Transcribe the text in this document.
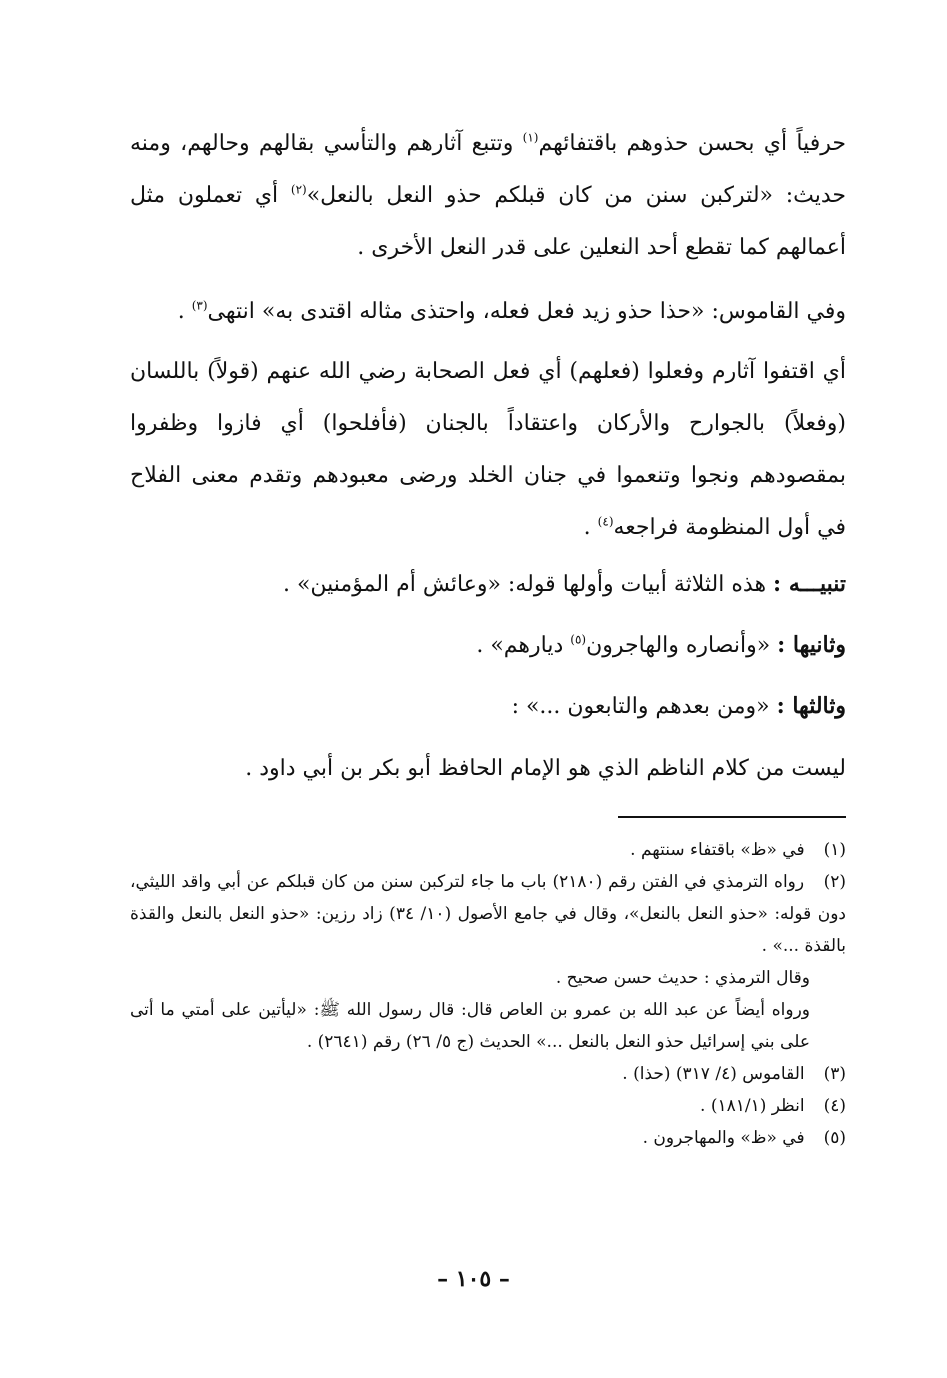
حرفياً أي بحسن حذوهم باقتفائهم$^{(١)}$ وتتبع آثارهم والتأسي بقالهم وحالهم، ومنه حديث: «لتركبن سنن من كان قبلكم حذو النعل بالنعل»$^{(٢)}$ أي تعملون مثل أعمالهم كما تقطع أحد النعلين على قدر النعل الأخرى .

وفي القاموس: «حذا حذو زيد فعل فعله، واحتذى مثاله اقتدى به» انتهى$^{(٣)}$ .

أي اقتفوا آثارم وفعلوا (فعلهم) أي فعل الصحابة رضي الله عنهم (قولاً) باللسان (وفعلاً) بالجوارح والأركان واعتقاداً بالجنان (فأفلحوا) أي فازوا وظفروا بمقصودهم ونجوا وتنعموا في جنان الخلد ورضى معبودهم وتقدم معنى الفلاح في أول المنظومة فراجعه$^{(٤)}$ .

تنبيـــه : هذه الثلاثة أبيات وأولها قوله: «وعائش أم المؤمنين» .

وثانيها : «وأنصاره والهاجرون$^{(٥)}$ ديارهم» .

وثالثها : «ومن بعدهم والتابعون ...» :

ليست من كلام الناظم الذي هو الإمام الحافظ أبو بكر بن أبي داود .

(١) في «ظ» باقتفاء سنتهم .

(٢) رواه الترمذي في الفتن رقم (٢١٨٠) باب ما جاء لتركبن سنن من كان قبلكم عن أبي واقد الليثي، دون قوله: «حذو النعل بالنعل»، وقال في جامع الأصول (١٠/ ٣٤) زاد رزين: «حذو النعل بالنعل والقذة بالقذة ...» .

وقال الترمذي : حديث حسن صحيح .

ورواه أيضاً عن عبد الله بن عمرو بن العاص قال: قال رسول الله ﷺ: «ليأتين على أمتي ما أتى على بني إسرائيل حذو النعل بالنعل ...» الحديث (ج ٥/ ٢٦) رقم (٢٦٤١) .

(٣) القاموس (٤/ ٣١٧) (حذا) .

(٤) انظر (١٨١/١) .

(٥) في «ظ» والمهاجرون .

– ١٠٥ –
